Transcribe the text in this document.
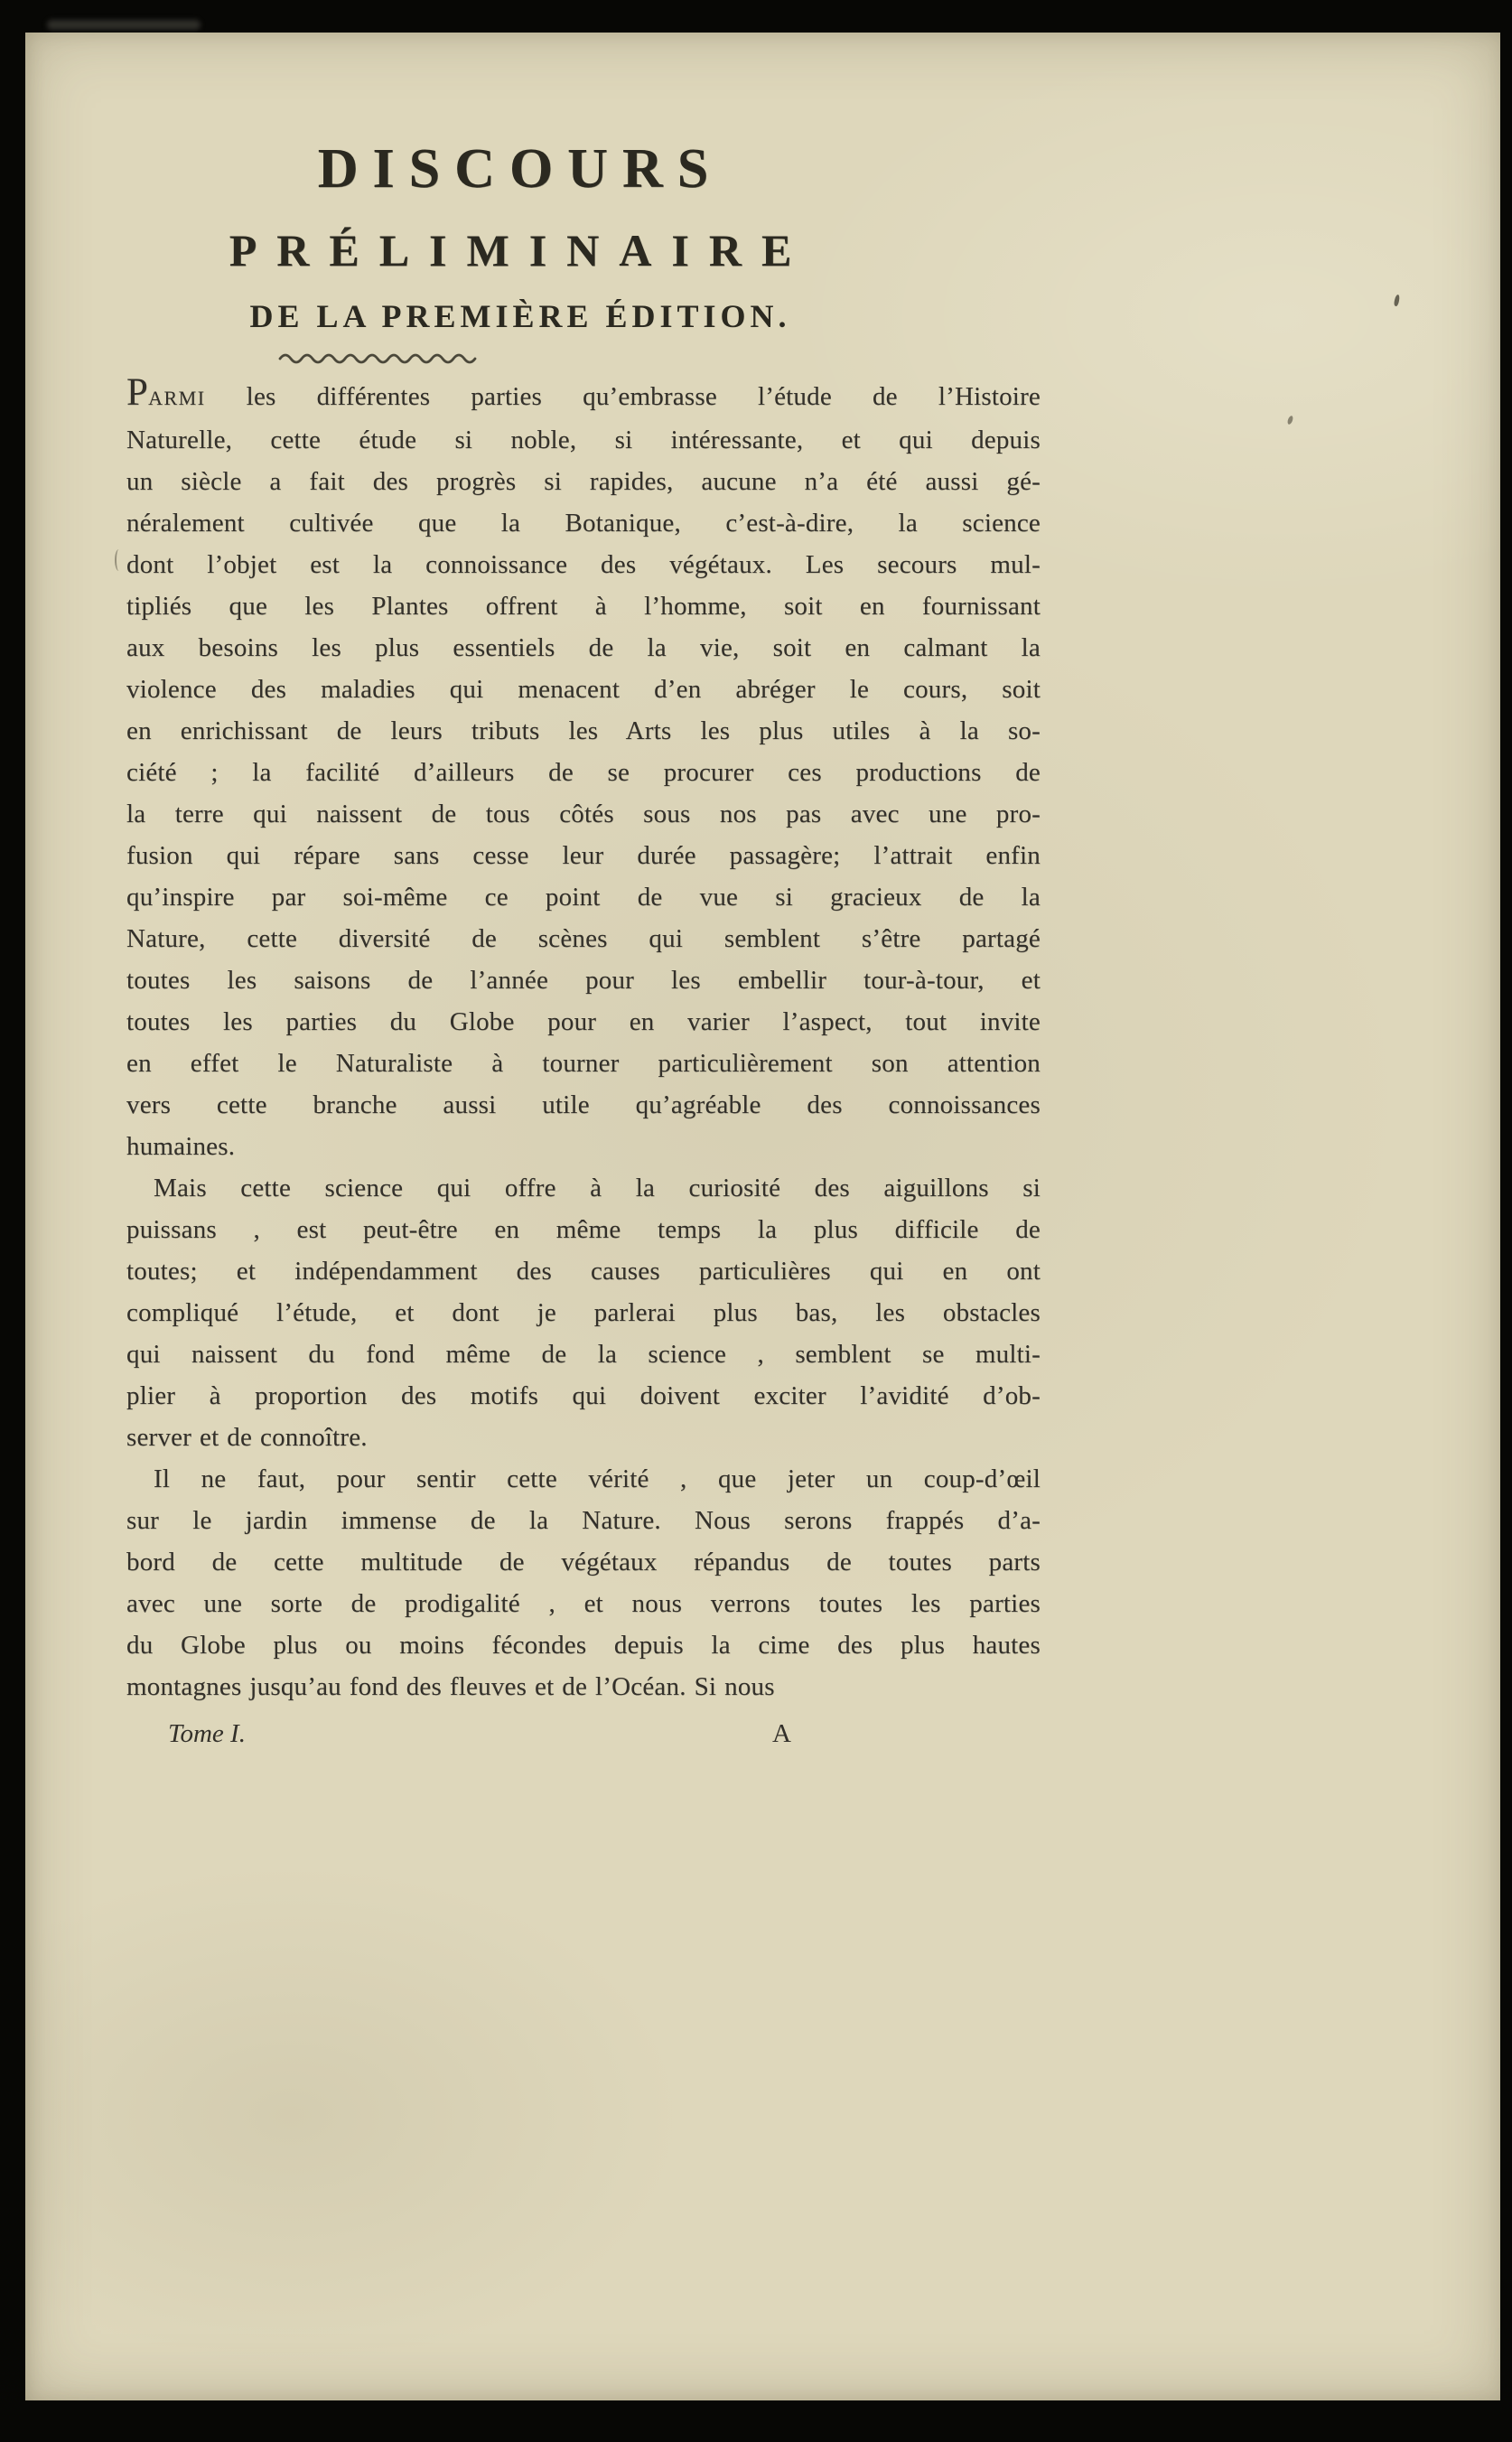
DISCOURS
PRÉLIMINAIRE
DE LA PREMIÈRE ÉDITION.
PARMI les différentes parties qu’embrasse l’étude de l’Histoire
Naturelle, cette étude si noble, si intéressante, et qui depuis
un siècle a fait des progrès si rapides, aucune n’a été aussi gé-
néralement cultivée que la Botanique, c’est-à-dire, la science
dont l’objet est la connoissance des végétaux. Les secours mul-
tipliés que les Plantes offrent à l’homme, soit en fournissant
aux besoins les plus essentiels de la vie, soit en calmant la
violence des maladies qui menacent d’en abréger le cours, soit
en enrichissant de leurs tributs les Arts les plus utiles à la so-
ciété ; la facilité d’ailleurs de se procurer ces productions de
la terre qui naissent de tous côtés sous nos pas avec une pro-
fusion qui répare sans cesse leur durée passagère; l’attrait enfin
qu’inspire par soi-même ce point de vue si gracieux de la
Nature, cette diversité de scènes qui semblent s’être partagé
toutes les saisons de l’année pour les embellir tour-à-tour, et
toutes les parties du Globe pour en varier l’aspect, tout invite
en effet le Naturaliste à tourner particulièrement son attention
vers cette branche aussi utile qu’agréable des connoissances
humaines.
Mais cette science qui offre à la curiosité des aiguillons si
puissans , est peut-être en même temps la plus difficile de
toutes; et indépendamment des causes particulières qui en ont
compliqué l’étude, et dont je parlerai plus bas, les obstacles
qui naissent du fond même de la science , semblent se multi-
plier à proportion des motifs qui doivent exciter l’avidité d’ob-
server et de connoître.
Il ne faut, pour sentir cette vérité , que jeter un coup-d’œil
sur le jardin immense de la Nature. Nous serons frappés d’a-
bord de cette multitude de végétaux répandus de toutes parts
avec une sorte de prodigalité , et nous verrons toutes les parties
du Globe plus ou moins fécondes depuis la cime des plus hautes
montagnes jusqu’au fond des fleuves et de l’Océan. Si nous
Tome I.	A
